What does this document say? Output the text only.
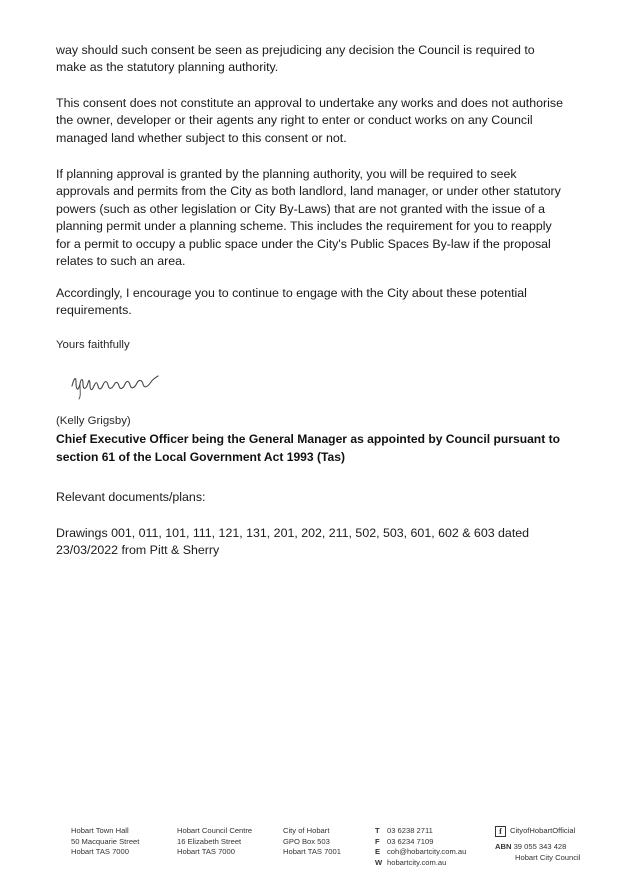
way should such consent be seen as prejudicing any decision the Council is required to make as the statutory planning authority.

This consent does not constitute an approval to undertake any works and does not authorise the owner, developer or their agents any right to enter or conduct works on any Council managed land whether subject to this consent or not.

If planning approval is granted by the planning authority, you will be required to seek approvals and permits from the City as both landlord, land manager, or under other statutory powers (such as other legislation or City By-Laws) that are not granted with the issue of a planning permit under a planning scheme. This includes the requirement for you to reapply for a permit to occupy a public space under the City's Public Spaces By-law if the proposal relates to such an area.

Accordingly, I encourage you to continue to engage with the City about these potential requirements.

Yours faithfully

(Kelly Grigsby)
Chief Executive Officer being the General Manager as appointed by Council pursuant to section 61 of the Local Government Act 1993 (Tas)

Relevant documents/plans:

Drawings 001, 011, 101, 111, 121, 131, 201, 202, 211, 502, 503, 601, 602 & 603 dated 23/03/2022 from Pitt & Sherry

Hobart Town Hall
50 Macquarie Street
Hobart TAS 7000
Hobart Council Centre
16 Elizabeth Street
Hobart TAS 7000
City of Hobart
GPO Box 503
Hobart TAS 7001
T 03 6238 2711
F 03 6234 7109
E coh@hobartcity.com.au
W hobartcity.com.au
f	CityofHobartOfficial
ABN 39 055 343 428
Hobart City Council
